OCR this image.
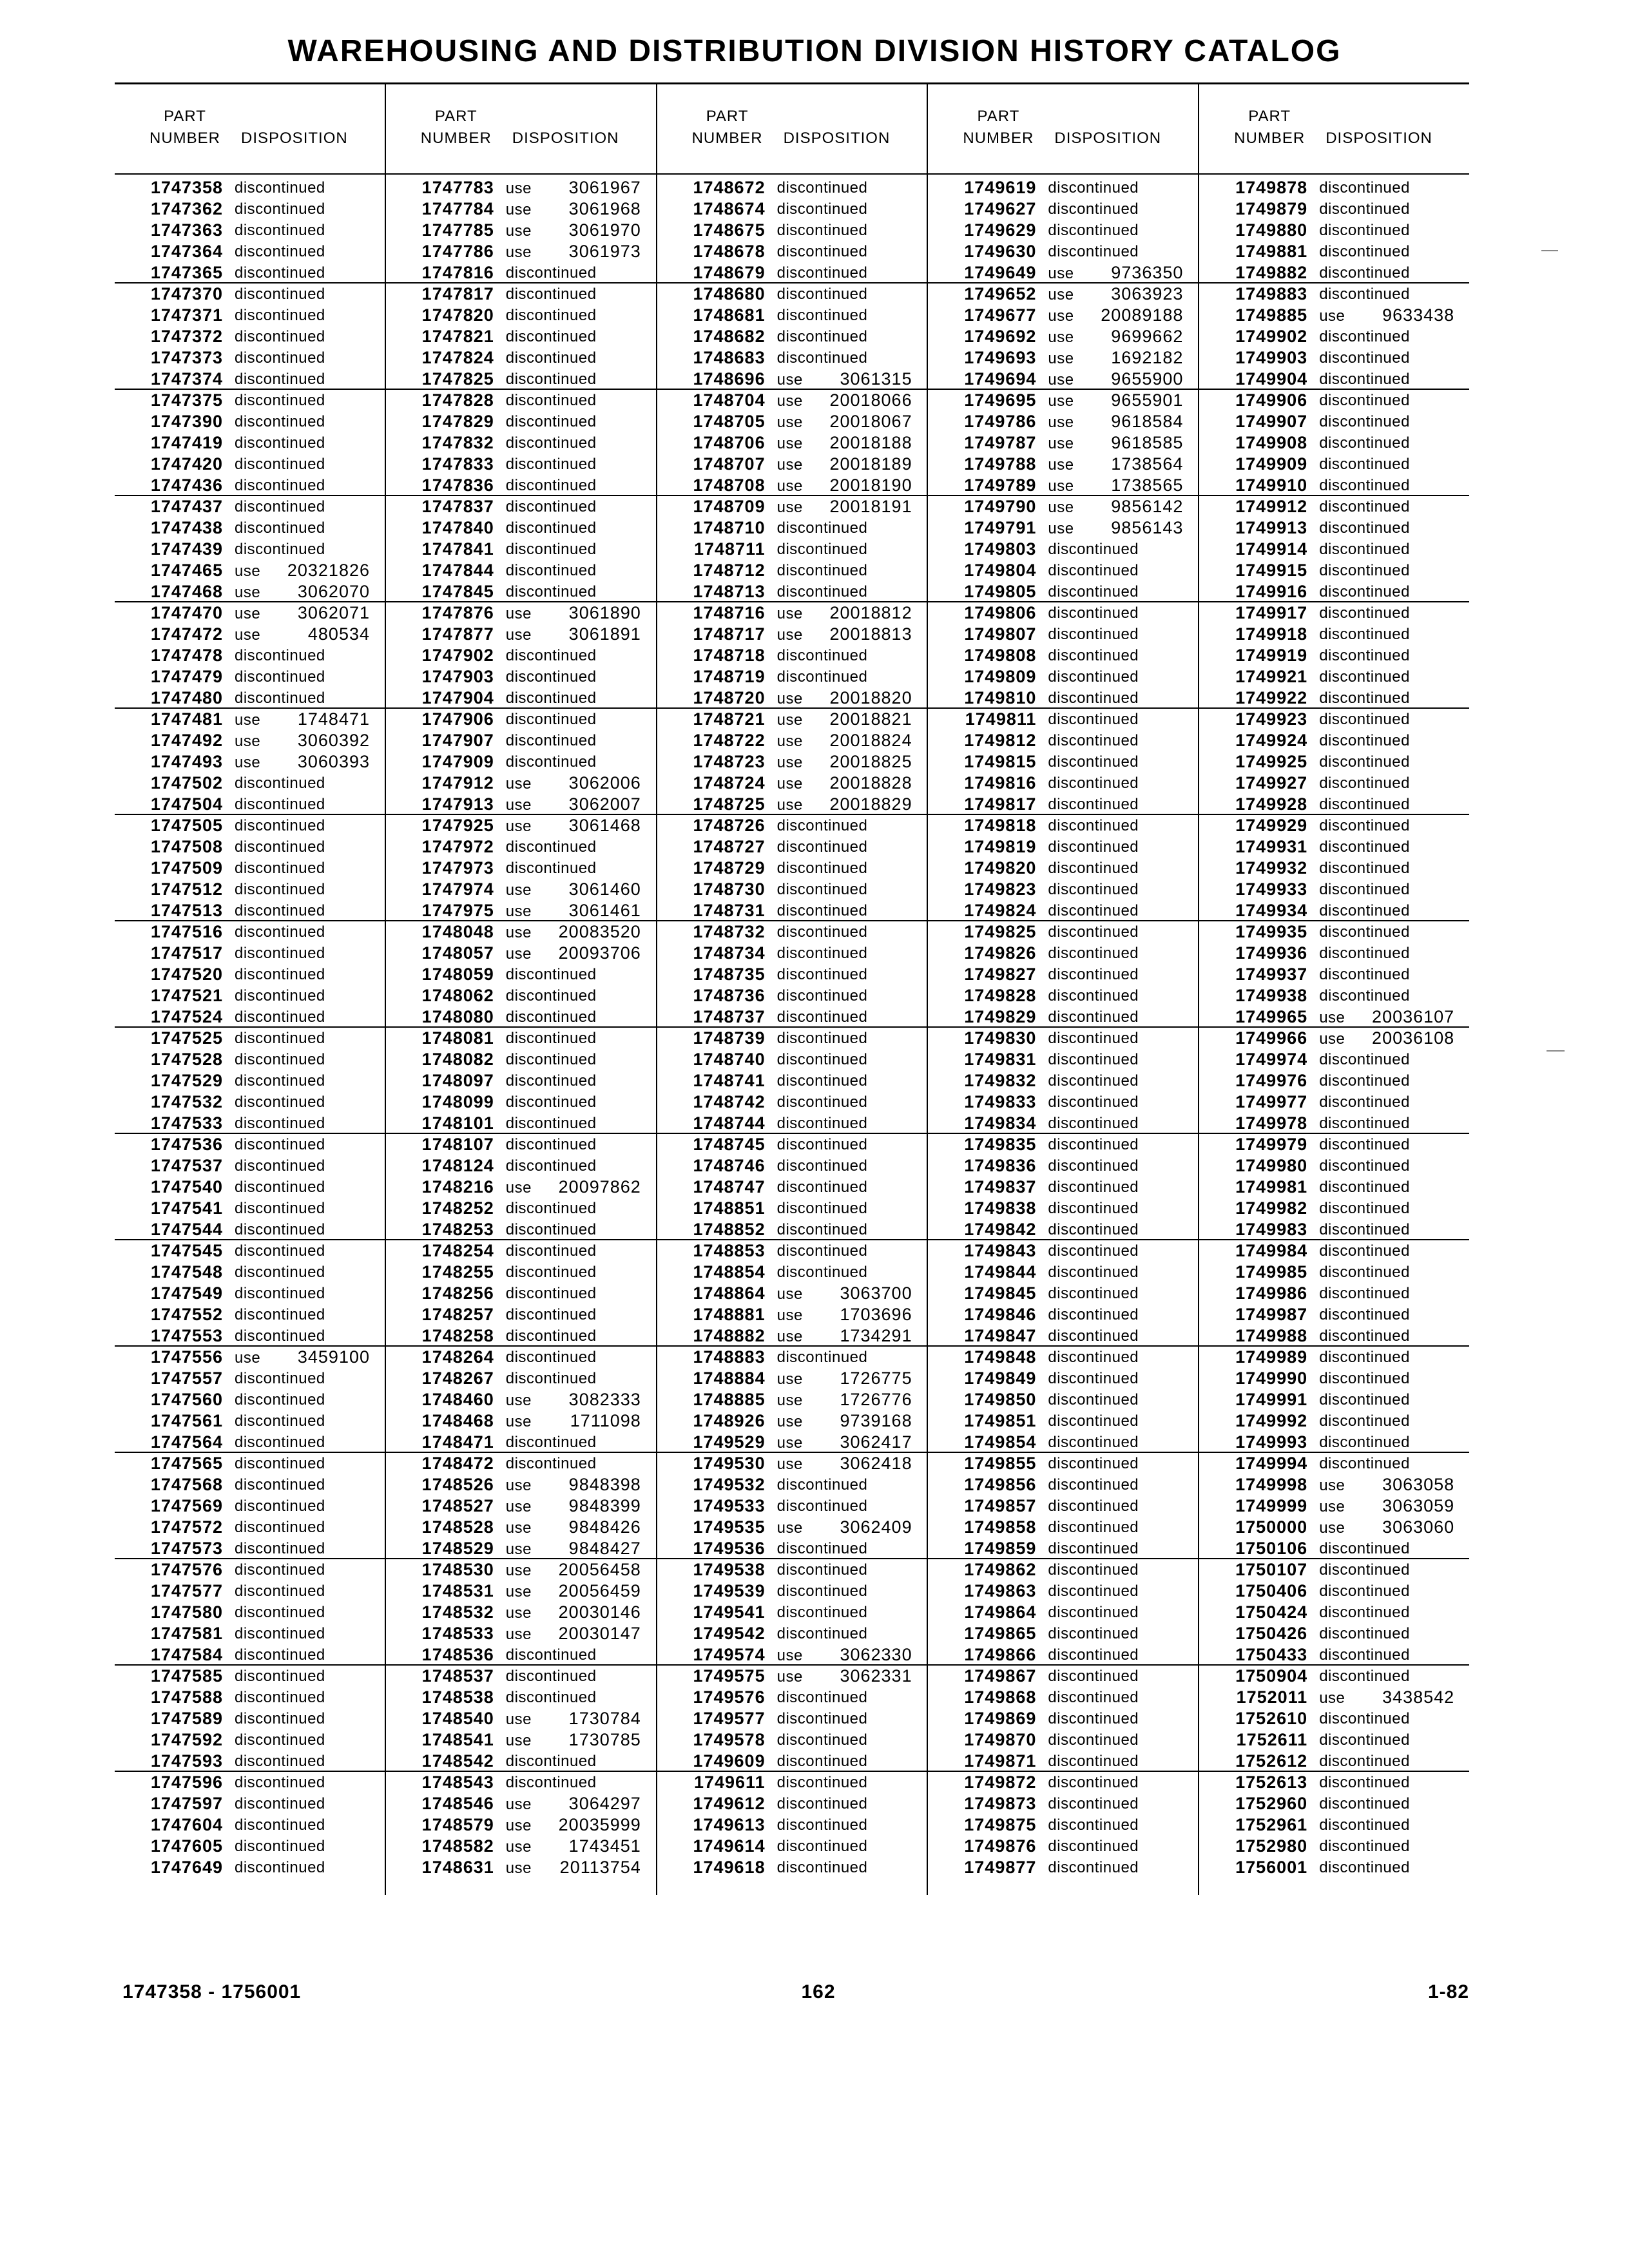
WAREHOUSING AND DISTRIBUTION DIVISION HISTORY CATALOG
PART
NUMBER	DISPOSITION
1747358 discontinued
1747362 discontinued
1747363 discontinued
1747364 discontinued
1747365 discontinued
1747370 discontinued
1747371 discontinued
1747372 discontinued
1747373 discontinued
1747374 discontinued
1747375 discontinued
1747390 discontinued
1747419 discontinued
1747420 discontinued
1747436 discontinued
1747437 discontinued
1747438 discontinued
1747439 discontinued
1747465 use 20321826
1747468 use 3062070
1747470 use 3062071
1747472 use	480534
1747478 discontinued
1747479 discontinued
1747480 discontinued
1747481 use 1748471
1747492 use 3060392
1747493 use 3060393
1747502 discontinued
1747504 discontinued
1747505 discontinued
1747508 discontinued
1747509 discontinued
1747512 discontinued
1747513 discontinued
1747516 discontinued
1747517 discontinued
1747520 discontinued
1747521 discontinued
1747524 discontinued
1747525 discontinued
1747528 discontinued
1747529 discontinued
1747532 discontinued
1747533 discontinued
1747536 discontinued
1747537 discontinued
1747540 discontinued
1747541 discontinued
1747544 discontinued
1747545 discontinued
1747548 discontinued
1747549 discontinued
1747552 discontinued
1747553 discontinued
1747556 use 3459100
1747557 discontinued
1747560 discontinued
1747561 discontinued
1747564 discontinued
1747565 discontinued
1747568 discontinued
1747569 discontinued
1747572 discontinued
1747573 discontinued
1747576 discontinued
1747577 discontinued
1747580 discontinued
1747581 discontinued
1747584 discontinued
1747585 discontinued
1747588 discontinued
1747589 discontinued
1747592 discontinued
1747593 discontinued
1747596 discontinued
1747597 discontinued
1747604 discontinued
1747605 discontinued
1747649 discontinued
PART
NUMBER	DISPOSITION
1747783 use 3061967
1747784 use 3061968
1747785 use 3061970
1747786 use 3061973
1747816 discontinued
1747817 discontinued
1747820 discontinued
1747821 discontinued
1747824 discontinued
1747825 discontinued
1747828 discontinued
1747829 discontinued
1747832 discontinued
1747833 discontinued
1747836 discontinued
1747837 discontinued
1747840 discontinued
1747841 discontinued
1747844 discontinued
1747845 discontinued
1747876 use 3061890
1747877 use 3061891
1747902 discontinued
1747903 discontinued
1747904 discontinued
1747906 discontinued
1747907 discontinued
1747909 discontinued
1747912 use 3062006
1747913 use 3062007
1747925 use 3061468
1747972 discontinued
1747973 discontinued
1747974 use 3061460
1747975 use 3061461
1748048 use 20083520
1748057 use 20093706
1748059 discontinued
1748062 discontinued
1748080 discontinued
1748081 discontinued
1748082 discontinued
1748097 discontinued
1748099 discontinued
1748101 discontinued
1748107 discontinued
1748124 discontinued
1748216 use 20097862
1748252 discontinued
1748253 discontinued
1748254 discontinued
1748255 discontinued
1748256 discontinued
1748257 discontinued
1748258 discontinued
1748264 discontinued
1748267 discontinued
1748460 use 3082333
1748468 use 1711098
1748471 discontinued
1748472 discontinued
1748526 use 9848398
1748527 use 9848399
1748528 use 9848426
1748529 use 9848427
1748530 use 20056458
1748531 use 20056459
1748532 use 20030146
1748533 use 20030147
1748536 discontinued
1748537 discontinued
1748538 discontinued
1748540 use 1730784
1748541 use 1730785
1748542 discontinued
1748543 discontinued
1748546 use 3064297
1748579 use 20035999
1748582 use 1743451
1748631 use 20113754
PART
NUMBER	DISPOSITION
1748672 discontinued
1748674 discontinued
1748675 discontinued
1748678 discontinued
1748679 discontinued
1748680 discontinued
1748681 discontinued
1748682 discontinued
1748683 discontinued
1748696 use 3061315
1748704 use 20018066
1748705 use 20018067
1748706 use 20018188
1748707 use 20018189
1748708 use 20018190
1748709 use 20018191
1748710 discontinued
1748711 discontinued
1748712 discontinued
1748713 discontinued
1748716 use 20018812
1748717 use 20018813
1748718 discontinued
1748719 discontinued
1748720 use 20018820
1748721 use 20018821
1748722 use 20018824
1748723 use 20018825
1748724 use 20018828
1748725 use 20018829
1748726 discontinued
1748727 discontinued
1748729 discontinued
1748730 discontinued
1748731 discontinued
1748732 discontinued
1748734 discontinued
1748735 discontinued
1748736 discontinued
1748737 discontinued
1748739 discontinued
1748740 discontinued
1748741 discontinued
1748742 discontinued
1748744 discontinued
1748745 discontinued
1748746 discontinued
1748747 discontinued
1748851 discontinued
1748852 discontinued
1748853 discontinued
1748854 discontinued
1748864 use 3063700
1748881 use 1703696
1748882 use 1734291
1748883 discontinued
1748884 use 1726775
1748885 use 1726776
1748926 use 9739168
1749529 use 3062417
1749530 use 3062418
1749532 discontinued
1749533 discontinued
1749535 use 3062409
1749536 discontinued
1749538 discontinued
1749539 discontinued
1749541 discontinued
1749542 discontinued
1749574 use 3062330
1749575 use 3062331
1749576 discontinued
1749577 discontinued
1749578 discontinued
1749609 discontinued
1749611 discontinued
1749612 discontinued
1749613 discontinued
1749614 discontinued
1749618 discontinued
PART
NUMBER	DISPOSITION
1749619 discontinued
1749627 discontinued
1749629 discontinued
1749630 discontinued
1749649 use 9736350
1749652 use 3063923
1749677 use 20089188
1749692 use 9699662
1749693 use 1692182
1749694 use 9655900
1749695 use 9655901
1749786 use 9618584
1749787 use 9618585
1749788 use 1738564
1749789 use 1738565
1749790 use 9856142
1749791 use 9856143
1749803 discontinued
1749804 discontinued
1749805 discontinued
1749806 discontinued
1749807 discontinued
1749808 discontinued
1749809 discontinued
1749810 discontinued
1749811 discontinued
1749812 discontinued
1749815 discontinued
1749816 discontinued
1749817 discontinued
1749818 discontinued
1749819 discontinued
1749820 discontinued
1749823 discontinued
1749824 discontinued
1749825 discontinued
1749826 discontinued
1749827 discontinued
1749828 discontinued
1749829 discontinued
1749830 discontinued
1749831 discontinued
1749832 discontinued
1749833 discontinued
1749834 discontinued
1749835 discontinued
1749836 discontinued
1749837 discontinued
1749838 discontinued
1749842 discontinued
1749843 discontinued
1749844 discontinued
1749845 discontinued
1749846 discontinued
1749847 discontinued
1749848 discontinued
1749849 discontinued
1749850 discontinued
1749851 discontinued
1749854 discontinued
1749855 discontinued
1749856 discontinued
1749857 discontinued
1749858 discontinued
1749859 discontinued
1749862 discontinued
1749863 discontinued
1749864 discontinued
1749865 discontinued
1749866 discontinued
1749867 discontinued
1749868 discontinued
1749869 discontinued
1749870 discontinued
1749871 discontinued
1749872 discontinued
1749873 discontinued
1749875 discontinued
1749876 discontinued
1749877 discontinued
PART
NUMBER	DISPOSITION
1749878 discontinued
1749879 discontinued
1749880 discontinued
1749881 discontinued
1749882 discontinued
1749883 discontinued
1749885 use 9633438
1749902 discontinued
1749903 discontinued
1749904 discontinued
1749906 discontinued
1749907 discontinued
1749908 discontinued
1749909 discontinued
1749910 discontinued
1749912 discontinued
1749913 discontinued
1749914 discontinued
1749915 discontinued
1749916 discontinued
1749917 discontinued
1749918 discontinued
1749919 discontinued
1749921 discontinued
1749922 discontinued
1749923 discontinued
1749924 discontinued
1749925 discontinued
1749927 discontinued
1749928 discontinued
1749929 discontinued
1749931 discontinued
1749932 discontinued
1749933 discontinued
1749934 discontinued
1749935 discontinued
1749936 discontinued
1749937 discontinued
1749938 discontinued
1749965 use 20036107
1749966 use 20036108
1749974 discontinued
1749976 discontinued
1749977 discontinued
1749978 discontinued
1749979 discontinued
1749980 discontinued
1749981 discontinued
1749982 discontinued
1749983 discontinued
1749984 discontinued
1749985 discontinued
1749986 discontinued
1749987 discontinued
1749988 discontinued
1749989 discontinued
1749990 discontinued
1749991 discontinued
1749992 discontinued
1749993 discontinued
1749994 discontinued
1749998 use 3063058
1749999 use 3063059
1750000 use 3063060
1750106 discontinued
1750107 discontinued
1750406 discontinued
1750424 discontinued
1750426 discontinued
1750433 discontinued
1750904 discontinued
1752011 use 3438542
1752610 discontinued
1752611 discontinued
1752612 discontinued
1752613 discontinued
1752960 discontinued
1752961 discontinued
1752980 discontinued
1756001 discontinued
1747358 - 1756001	162	1-82
